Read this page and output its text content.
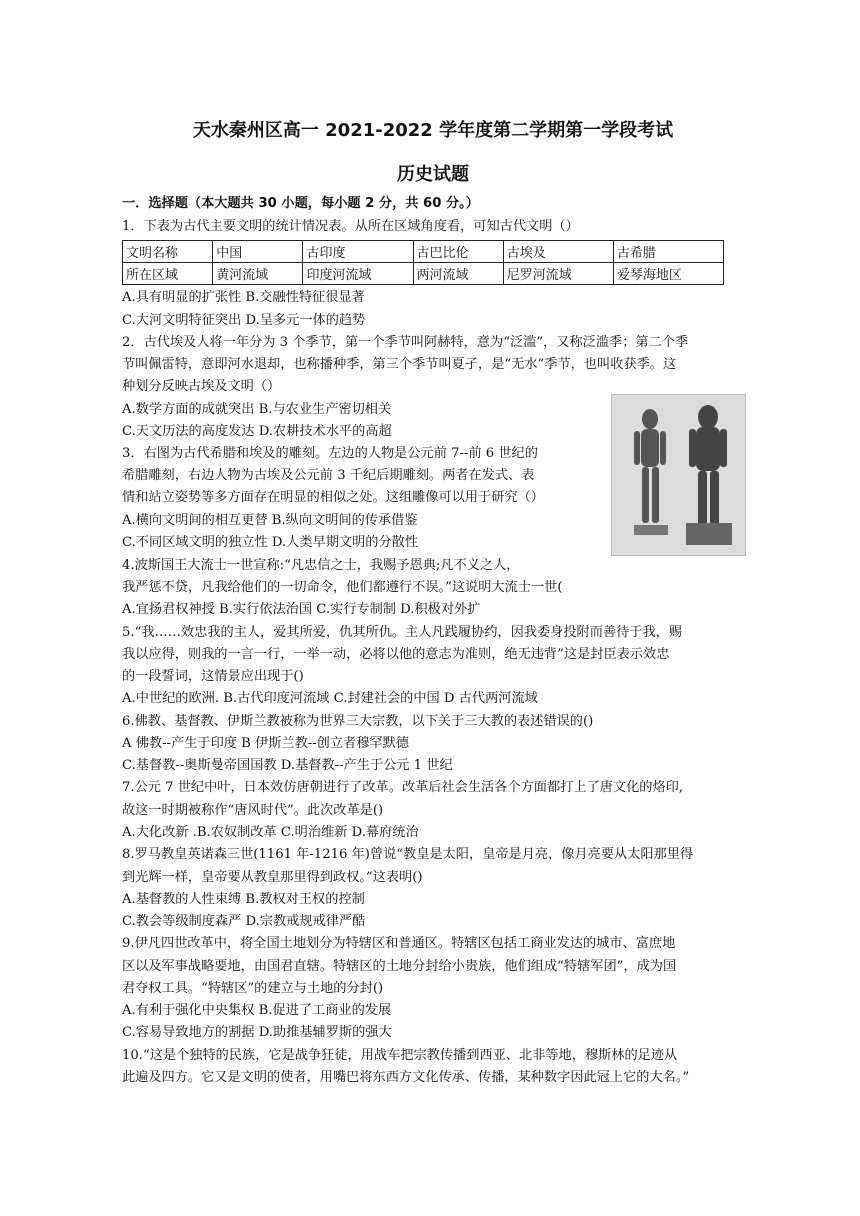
天水秦州区高一 2021-2022 学年度第二学期第一学段考试
历史试题
一．选择题（本大题共 30 小题，每小题 2 分，共 60 分。）
1．下表为古代主要文明的统计情况表。从所在区域角度看，可知古代文明（）
文明名称	中国	古印度	古巴比伦	古埃及	古希腊
所在区域	黄河流域	印度河流域	两河流域	尼罗河流域	爱琴海地区
A.具有明显的扩张性 B.交融性特征很显著
C.大河文明特征突出 D.呈多元一体的趋势
2．古代埃及人将一年分为 3 个季节，第一个季节叫阿赫特，意为“泛滥”，又称泛滥季；第二个季
节叫佩雷特，意即河水退却，也称播种季，第三个季节叫夏孑，是“无水”季节，也叫收获季。这
种划分反映古埃及文明（）
A.数学方面的成就突出 B.与农业生产密切相关
C.天文历法的高度发达 D.农耕技术水平的高超
3．右图为古代希腊和埃及的雕刻。左边的人物是公元前 7--前 6 世纪的
希腊雕刻，右边人物为古埃及公元前 3 千纪后期雕刻。两者在发式、表
情和站立姿势等多方面存在明显的相似之处。这组雕像可以用于研究（）
A.横向文明间的相互更替 B.纵向文明间的传承借鉴
C.不同区域文明的独立性 D.人类早期文明的分散性
4.波斯国王大流士一世宣称:“凡忠信之士，我赐予恩典;凡不义之人，
我严惩不贷，凡我给他们的一切命令，他们都遵行不误。”这说明大流士一世(
A.宜扬君权神授 B.实行依法治国 C.实行专制制 D.积极对外扩
5.“我……效忠我的主人，爱其所爱，仇其所仇。主人凡践履协约，因我委身投附而善待于我，赐
我以应得，则我的一言一行，一举一动，必将以他的意志为准则，绝无违背”这是封臣表示效忠
的一段誓词，这情景应出现于()
A.中世纪的欧洲. B.古代印度河流域 C.封建社会的中国 D 古代两河流域
6.佛教、基督教、伊斯兰教被称为世界三大宗教，以下关于三大教的表述错误的()
A 佛教--产生于印度 B 伊斯兰教--创立者穆罕默德
C.基督教--奥斯曼帝国国教 D.基督教--产生于公元 1 世纪
7.公元 7 世纪中叶，日本效仿唐朝进行了改革。改革后社会生活各个方面都打上了唐文化的烙印,
故这一时期被称作“唐风时代”。此次改革是()
A.大化改新 .B.农奴制改革 C.明治维新 D.幕府统治
8.罗马教皇英诺森三世(1161 年-1216 年)曾说“教皇是太阳，皇帝是月亮，像月亮要从太阳那里得
到光辉一样，皇帝要从教皇那里得到政权。”这表明()
A.基督教的人性束缚 B.教权对王权的控制
C.教会等级制度森严 D.宗教戒规戒律严酷
9.伊凡四世改革中，将全国土地划分为特辖区和普通区。特辖区包括工商业发达的城市、富庶地
区以及军事战略要地，由国君直辖。特辖区的土地分封给小贵族，他们组成“特辖军团”，成为国
君夺权工具。“特辖区”的建立与土地的分封()
A.有利于强化中央集权 B.促进了工商业的发展
C.容易导致地方的割据 D.助推基辅罗斯的强大
10.“这是个独特的民族，它是战争狂徒，用战车把宗教传播到西亚、北非等地，穆斯林的足迹从
此遍及四方。它又是文明的使者，用嘴巴将东西方文化传承、传播，某种数字因此冠上它的大名。”
